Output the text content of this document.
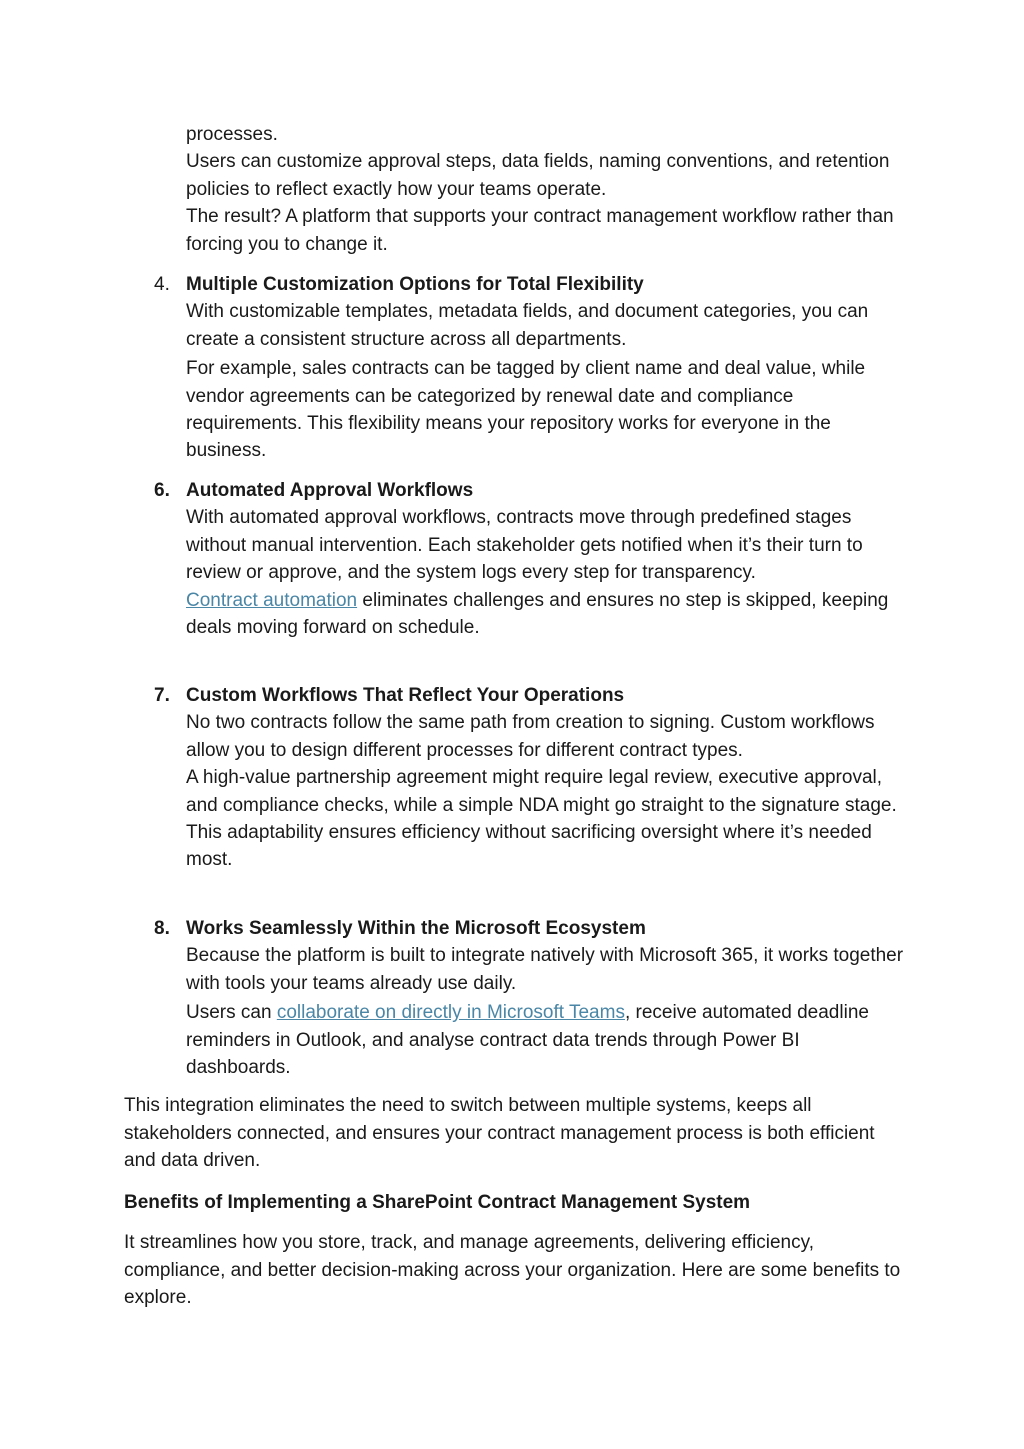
processes.

Users can customize approval steps, data fields, naming conventions, and retention policies to reflect exactly how your teams operate.

The result? A platform that supports your contract management workflow rather than forcing you to change it.

4. Multiple Customization Options for Total Flexibility

With customizable templates, metadata fields, and document categories, you can create a consistent structure across all departments.

For example, sales contracts can be tagged by client name and deal value, while vendor agreements can be categorized by renewal date and compliance requirements. This flexibility means your repository works for everyone in the business.

6. Automated Approval Workflows

With automated approval workflows, contracts move through predefined stages without manual intervention. Each stakeholder gets notified when it’s their turn to review or approve, and the system logs every step for transparency.

Contract automation eliminates challenges and ensures no step is skipped, keeping deals moving forward on schedule.

7. Custom Workflows That Reflect Your Operations

No two contracts follow the same path from creation to signing. Custom workflows allow you to design different processes for different contract types.

A high-value partnership agreement might require legal review, executive approval, and compliance checks, while a simple NDA might go straight to the signature stage.

This adaptability ensures efficiency without sacrificing oversight where it’s needed most.

8. Works Seamlessly Within the Microsoft Ecosystem

Because the platform is built to integrate natively with Microsoft 365, it works together with tools your teams already use daily.

Users can collaborate on directly in Microsoft Teams, receive automated deadline reminders in Outlook, and analyse contract data trends through Power BI dashboards.

This integration eliminates the need to switch between multiple systems, keeps all stakeholders connected, and ensures your contract management process is both efficient and data driven.

Benefits of Implementing a SharePoint Contract Management System

It streamlines how you store, track, and manage agreements, delivering efficiency, compliance, and better decision-making across your organization. Here are some benefits to explore.
